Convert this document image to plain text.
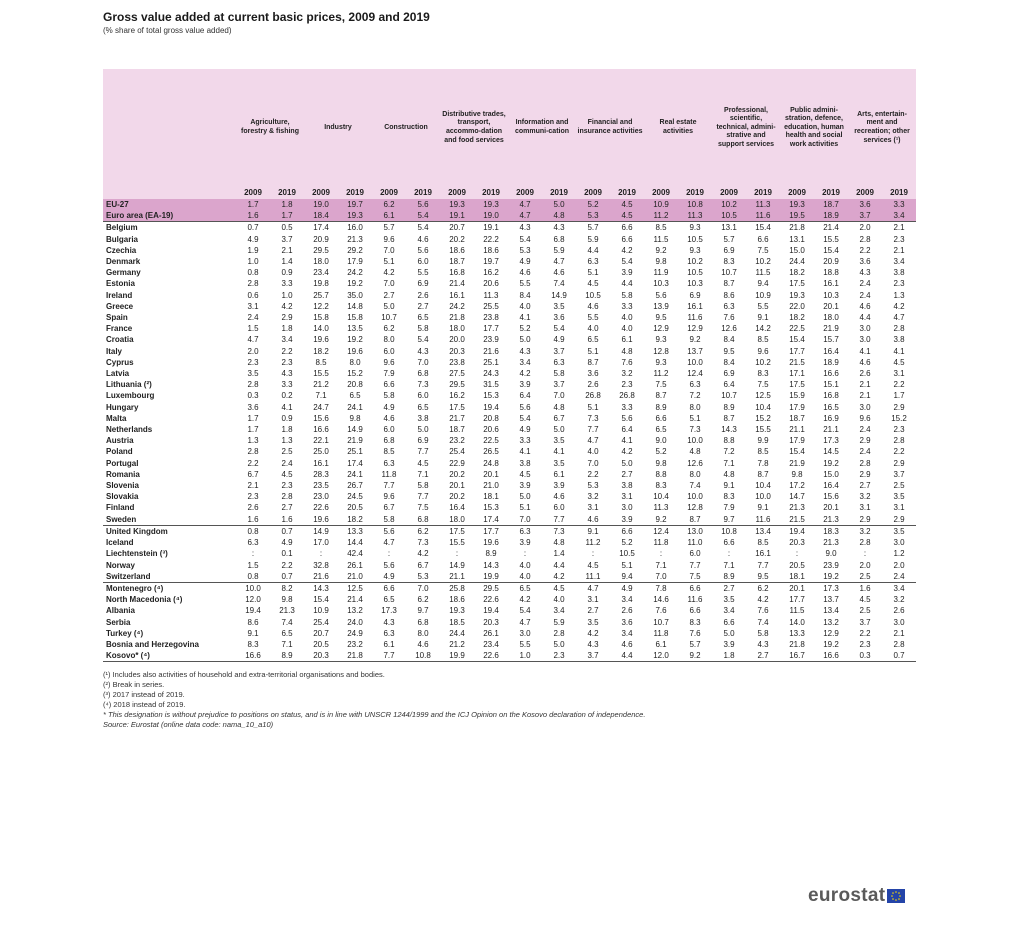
Gross value added at current basic prices, 2009 and 2019

(% share of total gross value added)

	Agriculture, forestry & fishing		Industry		Construction		Distributive trades, transport, accommo-dation and food services		Information and communi-cation		Financial and insurance activities		Real estate activities		Professional, scientific, technical, admini-strative and support services		Public admini-stration, defence, education, human health and social work activities		Arts, entertain-ment and recreation; other services (¹)	
	2009	2019	2009	2019	2009	2019	2009	2019	2009	2019	2009	2019	2009	2019	2009	2019	2009	2019	2009	2019
EU-27	1.7	1.8	19.0	19.7	6.2	5.6	19.3	19.3	4.7	5.0	5.2	4.5	10.9	10.8	10.2	11.3	19.3	18.7	3.6	3.3
Euro area (EA-19)	1.6	1.7	18.4	19.3	6.1	5.4	19.1	19.0	4.7	4.8	5.3	4.5	11.2	11.3	10.5	11.6	19.5	18.9	3.7	3.4
Belgium	0.7	0.5	17.4	16.0	5.7	5.4	20.7	19.1	4.3	4.3	5.7	6.6	8.5	9.3	13.1	15.4	21.8	21.4	2.0	2.1
Bulgaria	4.9	3.7	20.9	21.3	9.6	4.6	20.2	22.2	5.4	6.8	5.9	6.6	11.5	10.5	5.7	6.6	13.1	15.5	2.8	2.3
Czechia	1.9	2.1	29.5	29.2	7.0	5.6	18.6	18.6	5.3	5.9	4.4	4.2	9.2	9.3	6.9	7.5	15.0	15.4	2.2	2.1
Denmark	1.0	1.4	18.0	17.9	5.1	6.0	18.7	19.7	4.9	4.7	6.3	5.4	9.8	10.2	8.3	10.2	24.4	20.9	3.6	3.4
Germany	0.8	0.9	23.4	24.2	4.2	5.5	16.8	16.2	4.6	4.6	5.1	3.9	11.9	10.5	10.7	11.5	18.2	18.8	4.3	3.8
Estonia	2.8	3.3	19.8	19.2	7.0	6.9	21.4	20.6	5.5	7.4	4.5	4.4	10.3	10.3	8.7	9.4	17.5	16.1	2.4	2.3
Ireland	0.6	1.0	25.7	35.0	2.7	2.6	16.1	11.3	8.4	14.9	10.5	5.8	5.6	6.9	8.6	10.9	19.3	10.3	2.4	1.3
Greece	3.1	4.2	12.2	14.8	5.0	2.7	24.2	25.5	4.0	3.5	4.6	3.3	13.9	16.1	6.3	5.5	22.0	20.1	4.6	4.2
Spain	2.4	2.9	15.8	15.8	10.7	6.5	21.8	23.8	4.1	3.6	5.5	4.0	9.5	11.6	7.6	9.1	18.2	18.0	4.4	4.7
France	1.5	1.8	14.0	13.5	6.2	5.8	18.0	17.7	5.2	5.4	4.0	4.0	12.9	12.9	12.6	14.2	22.5	21.9	3.0	2.8
Croatia	4.7	3.4	19.6	19.2	8.0	5.4	20.0	23.9	5.0	4.9	6.5	6.1	9.3	9.2	8.4	8.5	15.4	15.7	3.0	3.8
Italy	2.0	2.2	18.2	19.6	6.0	4.3	20.3	21.6	4.3	3.7	5.1	4.8	12.8	13.7	9.5	9.6	17.7	16.4	4.1	4.1
Cyprus	2.3	2.3	8.5	8.0	9.6	7.0	23.8	25.1	3.4	6.3	8.7	7.6	9.3	10.0	8.4	10.2	21.5	18.9	4.6	4.5
Latvia	3.5	4.3	15.5	15.2	7.9	6.8	27.5	24.3	4.2	5.8	3.6	3.2	11.2	12.4	6.9	8.3	17.1	16.6	2.6	3.1
Lithuania (²)	2.8	3.3	21.2	20.8	6.6	7.3	29.5	31.5	3.9	3.7	2.6	2.3	7.5	6.3	6.4	7.5	17.5	15.1	2.1	2.2
Luxembourg	0.3	0.2	7.1	6.5	5.8	6.0	16.2	15.3	6.4	7.0	26.8	26.8	8.7	7.2	10.7	12.5	15.9	16.8	2.1	1.7
Hungary	3.6	4.1	24.7	24.1	4.9	6.5	17.5	19.4	5.6	4.8	5.1	3.3	8.9	8.0	8.9	10.4	17.9	16.5	3.0	2.9
Malta	1.7	0.9	15.6	9.8	4.6	3.8	21.7	20.8	5.4	6.7	7.3	5.6	6.6	5.1	8.7	15.2	18.7	16.9	9.6	15.2
Netherlands	1.7	1.8	16.6	14.9	6.0	5.0	18.7	20.6	4.9	5.0	7.7	6.4	6.5	7.3	14.3	15.5	21.1	21.1	2.4	2.3
Austria	1.3	1.3	22.1	21.9	6.8	6.9	23.2	22.5	3.3	3.5	4.7	4.1	9.0	10.0	8.8	9.9	17.9	17.3	2.9	2.8
Poland	2.8	2.5	25.0	25.1	8.5	7.7	25.4	26.5	4.1	4.1	4.0	4.2	5.2	4.8	7.2	8.5	15.4	14.5	2.4	2.2
Portugal	2.2	2.4	16.1	17.4	6.3	4.5	22.9	24.8	3.8	3.5	7.0	5.0	9.8	12.6	7.1	7.8	21.9	19.2	2.8	2.9
Romania	6.7	4.5	28.3	24.1	11.8	7.1	20.2	20.1	4.5	6.1	2.2	2.7	8.8	8.0	4.8	8.7	9.8	15.0	2.9	3.7
Slovenia	2.1	2.3	23.5	26.7	7.7	5.8	20.1	21.0	3.9	3.9	5.3	3.8	8.3	7.4	9.1	10.4	17.2	16.4	2.7	2.5
Slovakia	2.3	2.8	23.0	24.5	9.6	7.7	20.2	18.1	5.0	4.6	3.2	3.1	10.4	10.0	8.3	10.0	14.7	15.6	3.2	3.5
Finland	2.6	2.7	22.6	20.5	6.7	7.5	16.4	15.3	5.1	6.0	3.1	3.0	11.3	12.8	7.9	9.1	21.3	20.1	3.1	3.1
Sweden	1.6	1.6	19.6	18.2	5.8	6.8	18.0	17.4	7.0	7.7	4.6	3.9	9.2	8.7	9.7	11.6	21.5	21.3	2.9	2.9
United Kingdom	0.8	0.7	14.9	13.3	5.6	6.2	17.5	17.7	6.3	7.3	9.1	6.6	12.4	13.0	10.8	13.4	19.4	18.3	3.2	3.5
Iceland	6.3	4.9	17.0	14.4	4.7	7.3	15.5	19.6	3.9	4.8	11.2	5.2	11.8	11.0	6.6	8.5	20.3	21.3	2.8	3.0
Liechtenstein (³)	:	0.1	:	42.4	:	4.2	:	8.9	:	1.4	:	10.5	:	6.0	:	16.1	:	9.0	:	1.2
Norway	1.5	2.2	32.8	26.1	5.6	6.7	14.9	14.3	4.0	4.4	4.5	5.1	7.1	7.7	7.1	7.7	20.5	23.9	2.0	2.0
Switzerland	0.8	0.7	21.6	21.0	4.9	5.3	21.1	19.9	4.0	4.2	11.1	9.4	7.0	7.5	8.9	9.5	18.1	19.2	2.5	2.4
Montenegro (⁴)	10.0	8.2	14.3	12.5	6.6	7.0	25.8	29.5	6.5	4.5	4.7	4.9	7.8	6.6	2.7	6.2	20.1	17.3	1.6	3.4
North Macedonia (⁴)	12.0	9.8	15.4	21.4	6.5	6.2	18.6	22.6	4.2	4.0	3.1	3.4	14.6	11.6	3.5	4.2	17.7	13.7	4.5	3.2
Albania	19.4	21.3	10.9	13.2	17.3	9.7	19.3	19.4	5.4	3.4	2.7	2.6	7.6	6.6	3.4	7.6	11.5	13.4	2.5	2.6
Serbia	8.6	7.4	25.4	24.0	4.3	6.8	18.5	20.3	4.7	5.9	3.5	3.6	10.7	8.3	6.6	7.4	14.0	13.2	3.7	3.0
Turkey (⁴)	9.1	6.5	20.7	24.9	6.3	8.0	24.4	26.1	3.0	2.8	4.2	3.4	11.8	7.6	5.0	5.8	13.3	12.9	2.2	2.1
Bosnia and Herzegovina	8.3	7.1	20.5	23.2	6.1	4.6	21.2	23.4	5.5	5.0	4.3	4.6	6.1	5.7	3.9	4.3	21.8	19.2	2.3	2.8
Kosovo* (⁴)	16.6	8.9	20.3	21.8	7.7	10.8	19.9	22.6	1.0	2.3	3.7	4.4	12.0	9.2	1.8	2.7	16.7	16.6	0.3	0.7
(¹) Includes also activities of household and extra-territorial organisations and bodies.
(²) Break in series.
(³) 2017 instead of 2019.
(⁴) 2018 instead of 2019.
* This designation is without prejudice to positions on status, and is in line with UNSCR 1244/1999 and the ICJ Opinion on the Kosovo declaration of independence.
Source: Eurostat (online data code: nama_10_a10)
eurostat
